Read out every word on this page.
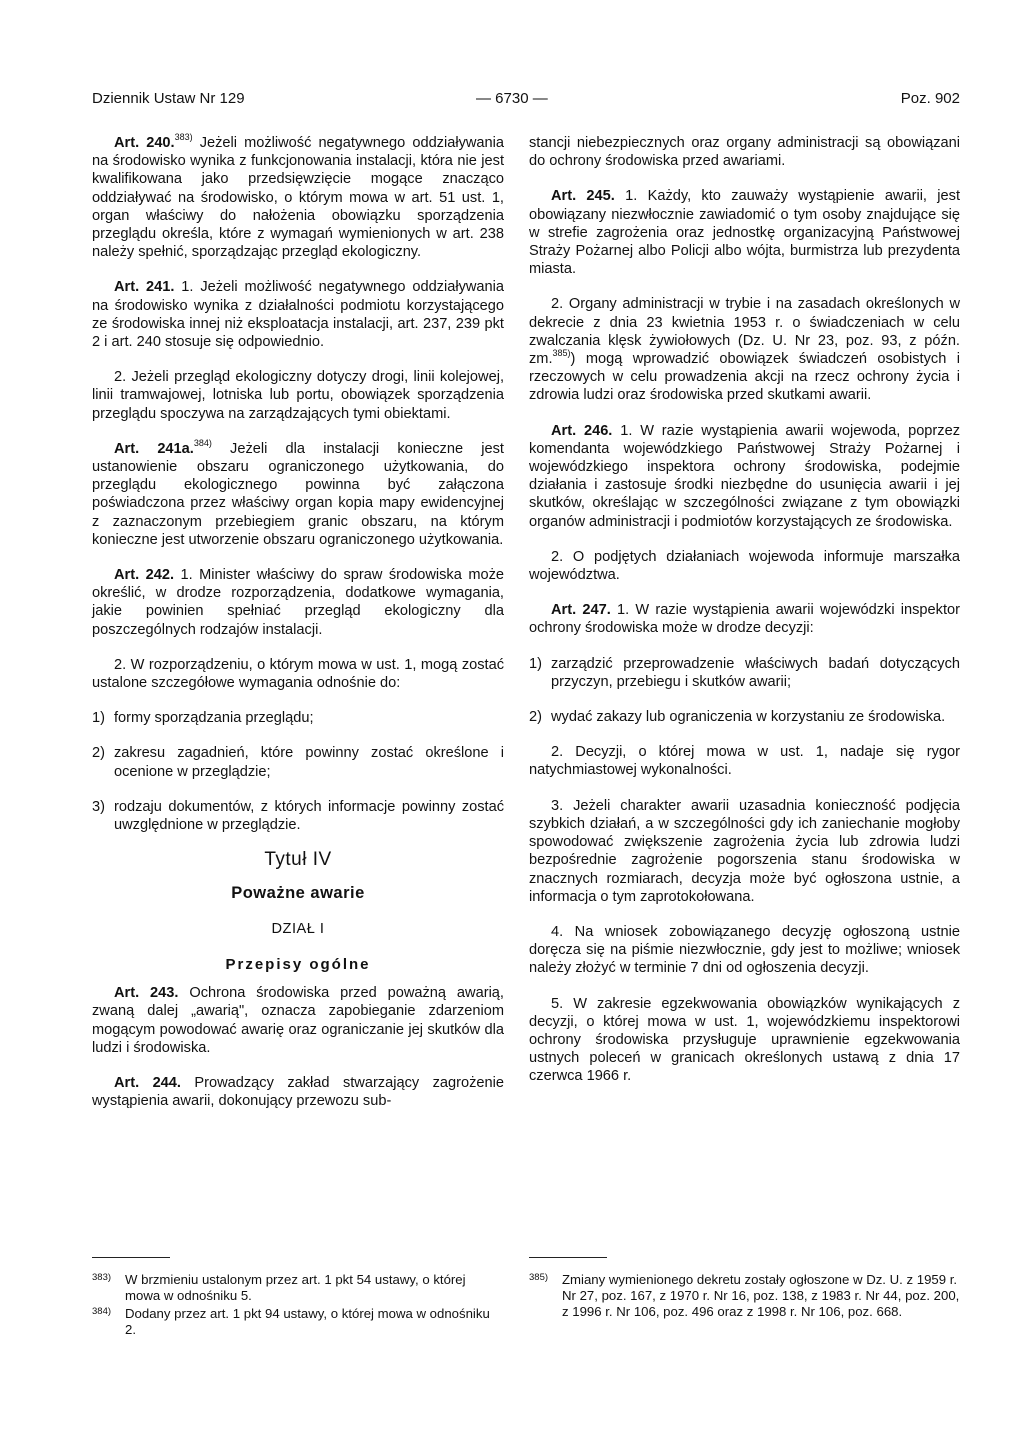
Dziennik Ustaw Nr 129	— 6730 —	Poz. 902

Art. 240.$^{383)}$ Jeżeli możliwość negatywnego oddziaływania na środowisko wynika z funkcjonowania instalacji, która nie jest kwalifikowana jako przedsięwzięcie mogące znacząco oddziaływać na środowisko, o którym mowa w art. 51 ust. 1, organ właściwy do nałożenia obowiązku sporządzenia przeglądu określa, które z wymagań wymienionych w art. 238 należy spełnić, sporządzając przegląd ekologiczny.

Art. 241. 1. Jeżeli możliwość negatywnego oddziaływania na środowisko wynika z działalności podmiotu korzystającego ze środowiska innej niż eksploatacja instalacji, art. 237, 239 pkt 2 i art. 240 stosuje się odpowiednio.

2. Jeżeli przegląd ekologiczny dotyczy drogi, linii kolejowej, linii tramwajowej, lotniska lub portu, obowiązek sporządzenia przeglądu spoczywa na zarządzających tymi obiektami.

Art. 241a.$^{384)}$ Jeżeli dla instalacji konieczne jest ustanowienie obszaru ograniczonego użytkowania, do przeglądu ekologicznego powinna być załączona poświadczona przez właściwy organ kopia mapy ewidencyjnej z zaznaczonym przebiegiem granic obszaru, na którym konieczne jest utworzenie obszaru ograniczonego użytkowania.

Art. 242. 1. Minister właściwy do spraw środowiska może określić, w drodze rozporządzenia, dodatkowe wymagania, jakie powinien spełniać przegląd ekologiczny dla poszczególnych rodzajów instalacji.

2. W rozporządzeniu, o którym mowa w ust. 1, mogą zostać ustalone szczegółowe wymagania odnośnie do:

1) formy sporządzania przeglądu;
2) zakresu zagadnień, które powinny zostać określone i ocenione w przeglądzie;
3) rodzaju dokumentów, z których informacje powinny zostać uwzględnione w przeglądzie.
Tytuł IV
Poważne awarie
DZIAŁ I
Przepisy ogólne

Art. 243. Ochrona środowiska przed poważną awarią, zwaną dalej „awarią", oznacza zapobieganie zdarzeniom mogącym powodować awarię oraz ograniczanie jej skutków dla ludzi i środowiska.

Art. 244. Prowadzący zakład stwarzający zagrożenie wystąpienia awarii, dokonujący przewozu sub-

stancji niebezpiecznych oraz organy administracji są obowiązani do ochrony środowiska przed awariami.

Art. 245. 1. Każdy, kto zauważy wystąpienie awarii, jest obowiązany niezwłocznie zawiadomić o tym osoby znajdujące się w strefie zagrożenia oraz jednostkę organizacyjną Państwowej Straży Pożarnej albo Policji albo wójta, burmistrza lub prezydenta miasta.

2. Organy administracji w trybie i na zasadach określonych w dekrecie z dnia 23 kwietnia 1953 r. o świadczeniach w celu zwalczania klęsk żywiołowych (Dz. U. Nr 23, poz. 93, z późn. zm.$^{385)}$) mogą wprowadzić obowiązek świadczeń osobistych i rzeczowych w celu prowadzenia akcji na rzecz ochrony życia i zdrowia ludzi oraz środowiska przed skutkami awarii.

Art. 246. 1. W razie wystąpienia awarii wojewoda, poprzez komendanta wojewódzkiego Państwowej Straży Pożarnej i wojewódzkiego inspektora ochrony środowiska, podejmie działania i zastosuje środki niezbędne do usunięcia awarii i jej skutków, określając w szczególności związane z tym obowiązki organów administracji i podmiotów korzystających ze środowiska.

2. O podjętych działaniach wojewoda informuje marszałka województwa.

Art. 247. 1. W razie wystąpienia awarii wojewódzki inspektor ochrony środowiska może w drodze decyzji:

1) zarządzić przeprowadzenie właściwych badań dotyczących przyczyn, przebiegu i skutków awarii;
2) wydać zakazy lub ograniczenia w korzystaniu ze środowiska.

2. Decyzji, o której mowa w ust. 1, nadaje się rygor natychmiastowej wykonalności.

3. Jeżeli charakter awarii uzasadnia konieczność podjęcia szybkich działań, a w szczególności gdy ich zaniechanie mogłoby spowodować zwiększenie zagrożenia życia lub zdrowia ludzi bezpośrednie zagrożenie pogorszenia stanu środowiska w znacznych rozmiarach, decyzja może być ogłoszona ustnie, a informacja o tym zaprotokołowana.

4. Na wniosek zobowiązanego decyzję ogłoszoną ustnie doręcza się na piśmie niezwłocznie, gdy jest to możliwe; wniosek należy złożyć w terminie 7 dni od ogłoszenia decyzji.

5. W zakresie egzekwowania obowiązków wynikających z decyzji, o której mowa w ust. 1, wojewódzkiemu inspektorowi ochrony środowiska przysługuje uprawnienie egzekwowania ustnych poleceń w granicach określonych ustawą z dnia 17 czerwca 1966 r.

383)	W brzmieniu ustalonym przez art. 1 pkt 54 ustawy, o której mowa w odnośniku 5.
384)	Dodany przez art. 1 pkt 94 ustawy, o której mowa w odnośniku 2.
385)	Zmiany wymienionego dekretu zostały ogłoszone w Dz. U. z 1959 r. Nr 27, poz. 167, z 1970 r. Nr 16, poz. 138, z 1983 r. Nr 44, poz. 200, z 1996 r. Nr 106, poz. 496 oraz z 1998 r. Nr 106, poz. 668.
